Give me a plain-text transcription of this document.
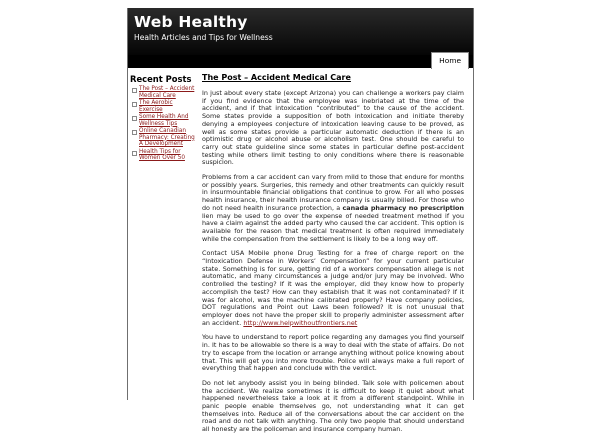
Web Healthy
Health Articles and Tips for Wellness
Home
Recent Posts
The Post – Accident Medical Care
The Aerobic Exercise
Some Health And Wellness Tips
Online Canadian Pharmacy: Creating A Development
Health Tips for Women Over 50
The Post – Accident Medical Care

In just about every state (except Arizona) you can challenge a workers pay claim if you find evidence that the employee was inebriated at the time of the accident, and if that intoxication “contributed” to the cause of the accident. Some states provide a supposition of both intoxication and initiate thereby denying a employees conjecture of intoxication leaving cause to be proved, as well as some states provide a particular automatic deduction if there is an optimistic drug or alcohol abuse or alcoholism test. One should be careful to carry out state guideline since some states in particular define post-accident testing while others limit testing to only conditions where there is reasonable suspicion.

Problems from a car accident can vary from mild to those that endure for months or possibly years. Surgeries, this remedy and other treatments can quickly result in insurmountable financial obligations that continue to grow. For all who posses health insurance, their health insurance company is usually billed. For those who do not need health insurance protection, a canada pharmacy no prescription lien may be used to go over the expense of needed treatment method if you have a claim against the added party who caused the car accident. This option is available for the reason that medical treatment is often required immediately while the compensation from the settlement is likely to be a long way off.

Contact USA Mobile phone Drug Testing for a free of charge report on the “Intoxication Defense in Workers’ Compensation” for your current particular state. Something is for sure, getting rid of a workers compensation allege is not automatic, and many circumstances a judge and/or jury may be involved. Who controlled the testing? If it was the employer, did they know how to properly accomplish the test? How can they establish that it was not contaminated? If it was for alcohol, was the machine calibrated properly? Have company policies, DOT regulations and Point out Laws been followed? It is not unusual that employer does not have the proper skill to properly administer assessment after an accident. http://www.helpwithoutfrontiers.net

You have to understand to report police regarding any damages you find yourself in. It has to be allowable so there is a way to deal with the state of affairs. Do not try to escape from the location or arrange anything without police knowing about that. This will get you into more trouble. Police will always make a full report of everything that happen and conclude with the verdict.

Do not let anybody assist you in being blinded. Talk sole with policemen about the accident. We realize sometimes it is difficult to keep it quiet about what happened nevertheless take a look at it from a different standpoint. While in panic people enable themselves go, not understanding what it can get themselves into. Reduce all of the conversations about the car accident on the road and do not talk with anything. The only two people that should understand all honesty are the policeman and insurance company human.
